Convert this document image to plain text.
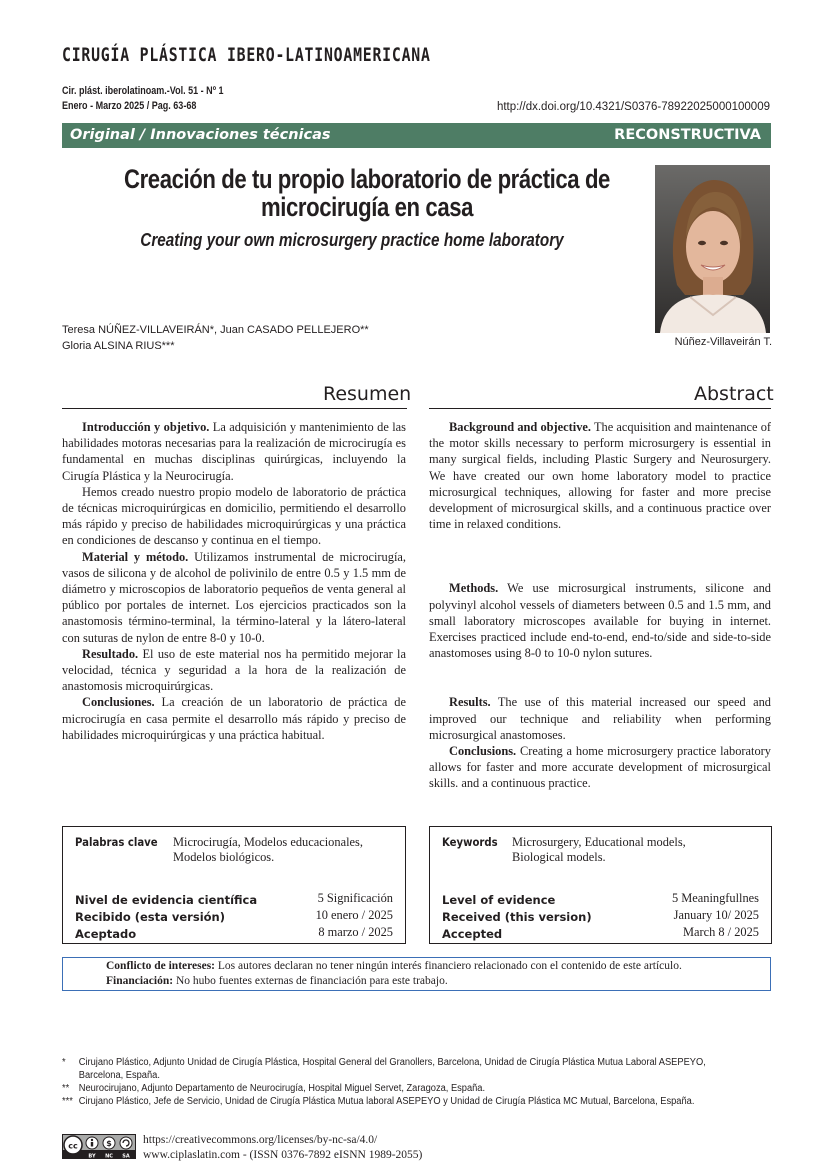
CIRUGÍA PLÁSTICA IBERO-LATINOAMERICANA
Cir. plást. iberolatinoam.-Vol. 51 - Nº 1
Enero - Marzo 2025 / Pag. 63-68	http://dx.doi.org/10.4321/S0376-78922025000100009
Original / Innovaciones técnicas	RECONSTRUCTIVA
Creación de tu propio laboratorio de práctica de
microcirugía en casa
Creating your own microsurgery practice home laboratory
Núñez-Villaveirán T.
Teresa NÚÑEZ-VILLAVEIRÁN*, Juan CASADO PELLEJERO**
Gloria ALSINA RIUS***
Resumen	Abstract

Introducción y objetivo. La adquisición y mantenimiento de las habilidades motoras necesarias para la realización de microcirugía es fundamental en muchas disciplinas quirúrgicas, incluyendo la Cirugía Plástica y la Neurocirugía.

Hemos creado nuestro propio modelo de laboratorio de práctica de técnicas microquirúrgicas en domicilio, permitiendo el desarrollo más rápido y preciso de habilidades microquirúrgicas y una práctica en condiciones de descanso y continua en el tiempo.

Material y método. Utilizamos instrumental de microcirugía, vasos de silicona y de alcohol de polivinilo de entre 0.5 y 1.5 mm de diámetro y microscopios de laboratorio pequeños de venta general al público por portales de internet. Los ejercicios practicados son la anastomosis término-terminal, la término-lateral y la látero-lateral con suturas de nylon de entre 8-0 y 10-0.

Resultado. El uso de este material nos ha permitido mejorar la velocidad, técnica y seguridad a la hora de la realización de anastomosis microquirúrgicas.

Conclusiones. La creación de un laboratorio de práctica de microcirugía en casa permite el desarrollo más rápido y preciso de habilidades microquirúrgicas y una práctica habitual.

Background and objective. The acquisition and maintenance of the motor skills necessary to perform microsurgery is essential in many surgical fields, including Plastic Surgery and Neurosurgery. We have created our own home laboratory model to practice microsurgical techniques, allowing for faster and more precise development of microsurgical skills, and a continuous practice over time in relaxed conditions.

Methods. We use microsurgical instruments, silicone and polyvinyl alcohol vessels of diameters between 0.5 and 1.5 mm, and small laboratory microscopes available for buying in internet. Exercises practiced include end-to-end, end-to/side and side-to-side anastomoses using 8-0 to 10-0 nylon sutures.

Results. The use of this material increased our speed and improved our technique and reliability when performing microsurgical anastomoses.

Conclusions. Creating a home microsurgery practice laboratory allows for faster and more accurate development of microsurgical skills. and a continuous practice.

Palabras clave Microcirugía, Modelos educacionales,
Modelos biológicos.
Nivel de evidencia científica	5 Significación
Recibido (esta versión)	10 enero / 2025
Aceptado	8 marzo / 2025
Keywords Microsurgery, Educational models,
Biological models.
Level of evidence	5 Meaningfullnes
Received (this version)	January 10/ 2025
Accepted	March 8 / 2025
Conflicto de intereses: Los autores declaran no tener ningún interés financiero relacionado con el contenido de este artículo.
Financiación: No hubo fuentes externas de financiación para este trabajo.
* Cirujano Plástico, Adjunto Unidad de Cirugía Plástica, Hospital General del Granollers, Barcelona, Unidad de Cirugía Plástica Mutua Laboral ASEPEYO, Barcelona, España.
** Neurocirujano, Adjunto Departamento de Neurocirugía, Hospital Miguel Servet, Zaragoza, España.
*** Cirujano Plástico, Jefe de Servicio, Unidad de Cirugía Plástica Mutua laboral ASEPEYO y Unidad de Cirugía Plástica MC Mutual, Barcelona, España.
cc	$
BY NC SA
https://creativecommons.org/licenses/by-nc-sa/4.0/
www.ciplaslatin.com - (ISSN 0376-7892 eISNN 1989-2055)
